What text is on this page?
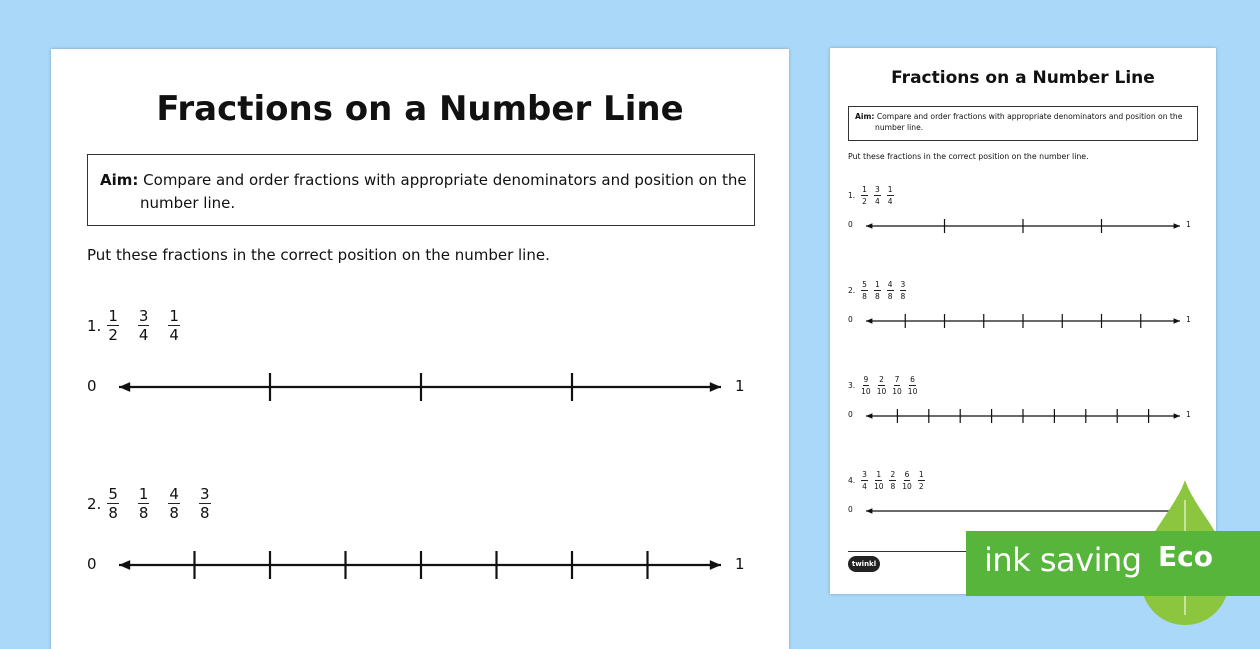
Fractions on a Number Line
Aim: Compare and order fractions with appropriate denominators and position on the
number line.
Put these fractions in the correct position on the number line.
1. $\frac{1}{2} \frac{3}{4} \frac{1}{4}$
0	1
2. $\frac{5}{8} \frac{1}{8} \frac{4}{8} \frac{3}{8}$
0	1
Fractions on a Number Line
Aim: Compare and order fractions with appropriate denominators and position on the
number line.
Put these fractions in the correct position on the number line.
1. $\frac{1}{2} \frac{3}{4} \frac{1}{4}$
0	1
2. $\frac{5}{8} \frac{1}{8} \frac{4}{8} \frac{3}{8}$
0	1
3. $\frac{9}{10} \frac{2}{10} \frac{7}{10} \frac{6}{10}$
0	1
4. $\frac{3}{4} \frac{1}{10} \frac{2}{8} \frac{6}{10} \frac{1}{2}$
0
twinkl	ink saving Eco
